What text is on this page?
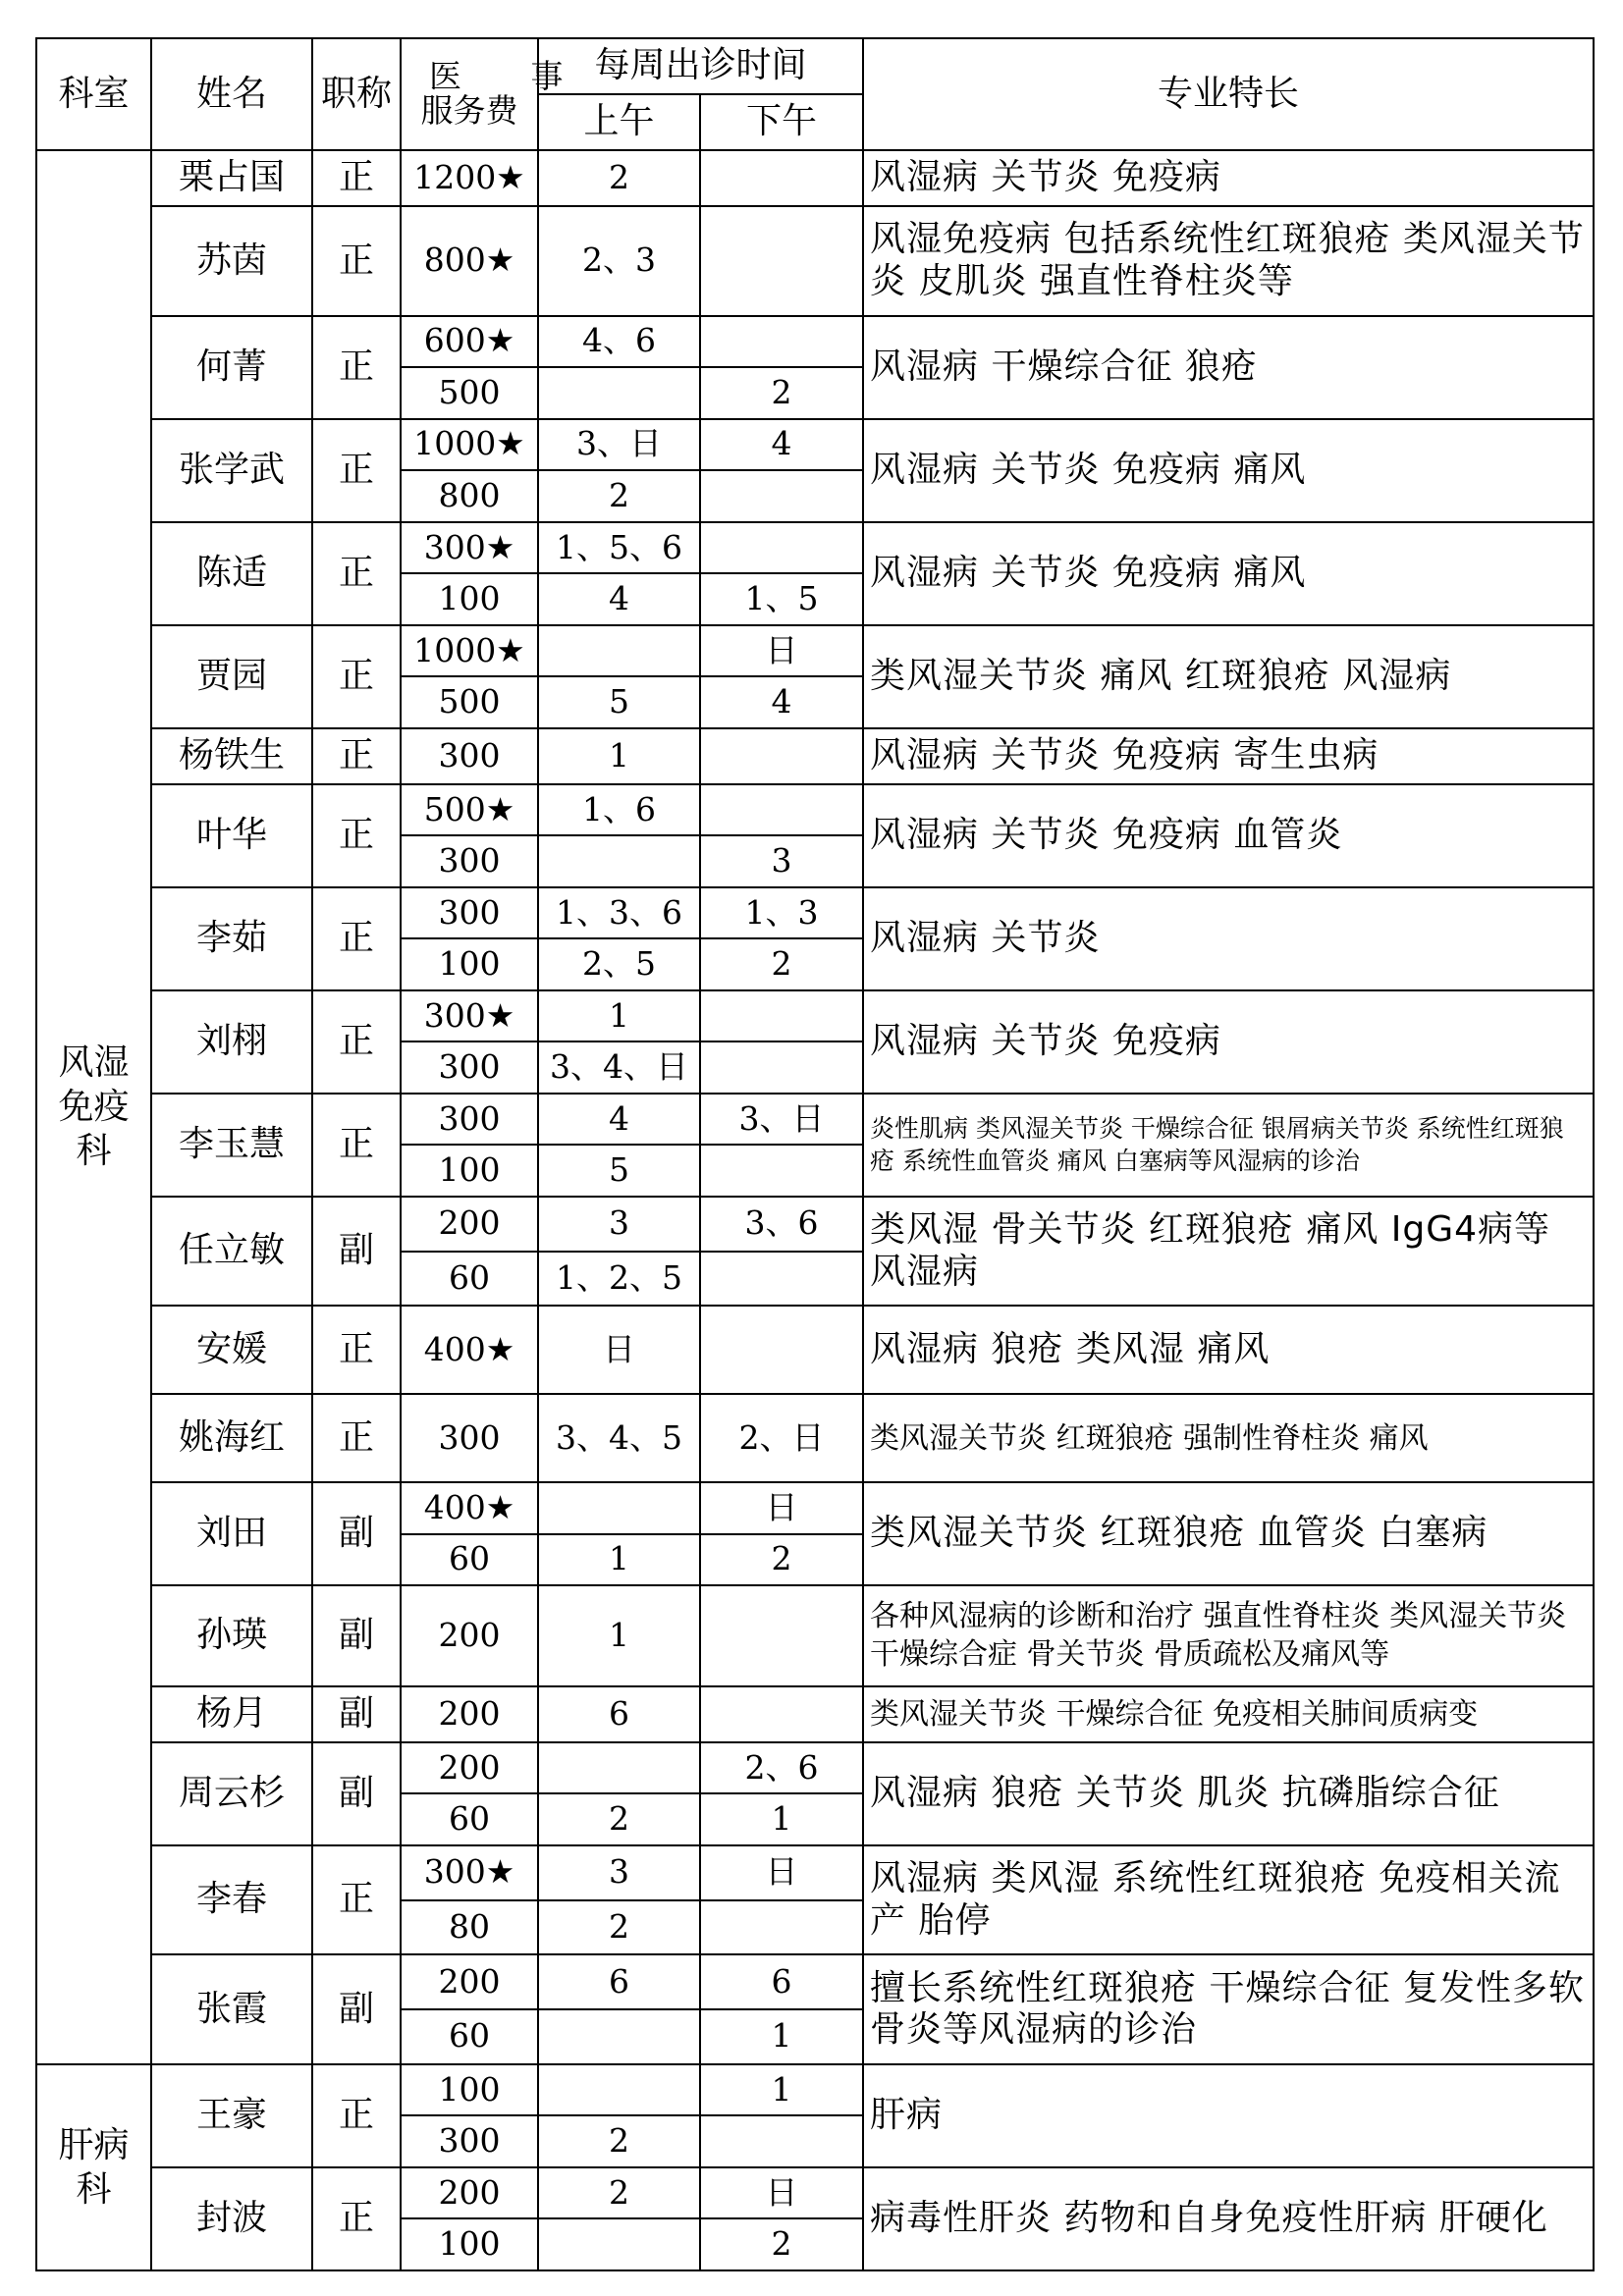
科室	姓名	职称	医 事
服务费	每周出诊时间		专业特长
				上午	下午	
风湿免疫科	栗占国	正	1200★	2		风湿病 关节炎 免疫病
	苏茵	正	800★	2、3		风湿免疫病 包括系统性红斑狼疮 类风湿关节炎 皮肌炎 强直性脊柱炎等
	何菁	正	600★	4、6		风湿病 干燥综合征 狼疮
			500		2	
	张学武	正	1000★	3、日	4	风湿病 关节炎 免疫病 痛风
			800	2		
	陈适	正	300★	1、5、6		风湿病 关节炎 免疫病 痛风
			100	4	1、5	
	贾园	正	1000★		日	类风湿关节炎 痛风 红斑狼疮 风湿病
			500	5	4	
	杨铁生	正	300	1		风湿病 关节炎 免疫病 寄生虫病
	叶华	正	500★	1、6		风湿病 关节炎 免疫病 血管炎
			300		3	
	李茹	正	300	1、3、6	1、3	风湿病 关节炎
			100	2、5	2	
	刘栩	正	300★	1		风湿病 关节炎 免疫病
			300	3、4、日		
	李玉慧	正	300	4	3、日	炎性肌病 类风湿关节炎 干燥综合征 银屑病关节炎 系统性红斑狼疮 系统性血管炎 痛风 白塞病等风湿病的诊治
			100	5		
	任立敏	副	200	3	3、6	类风湿 骨关节炎 红斑狼疮 痛风 IgG4病等风湿病
			60	1、2、5		
	安媛	正	400★	日		风湿病 狼疮 类风湿 痛风
	姚海红	正	300	3、4、5	2、日	类风湿关节炎 红斑狼疮 强制性脊柱炎 痛风
	刘田	副	400★		日	类风湿关节炎 红斑狼疮 血管炎 白塞病
			60	1	2	
	孙瑛	副	200	1		各种风湿病的诊断和治疗 强直性脊柱炎 类风湿关节炎 干燥综合症 骨关节炎 骨质疏松及痛风等
	杨月	副	200	6		类风湿关节炎 干燥综合征 免疫相关肺间质病变
	周云杉	副	200		2、6	风湿病 狼疮 关节炎 肌炎 抗磷脂综合征
			60	2	1	
	李春	正	300★	3	日	风湿病 类风湿 系统性红斑狼疮 免疫相关流产 胎停
			80	2		
	张霞	副	200	6	6	擅长系统性红斑狼疮 干燥综合征 复发性多软骨炎等风湿病的诊治
			60		1	
肝病科	王豪	正	100		1	肝病
			300	2		
	封波	正	200	2	日	病毒性肝炎 药物和自身免疫性肝病 肝硬化
			100		2	
